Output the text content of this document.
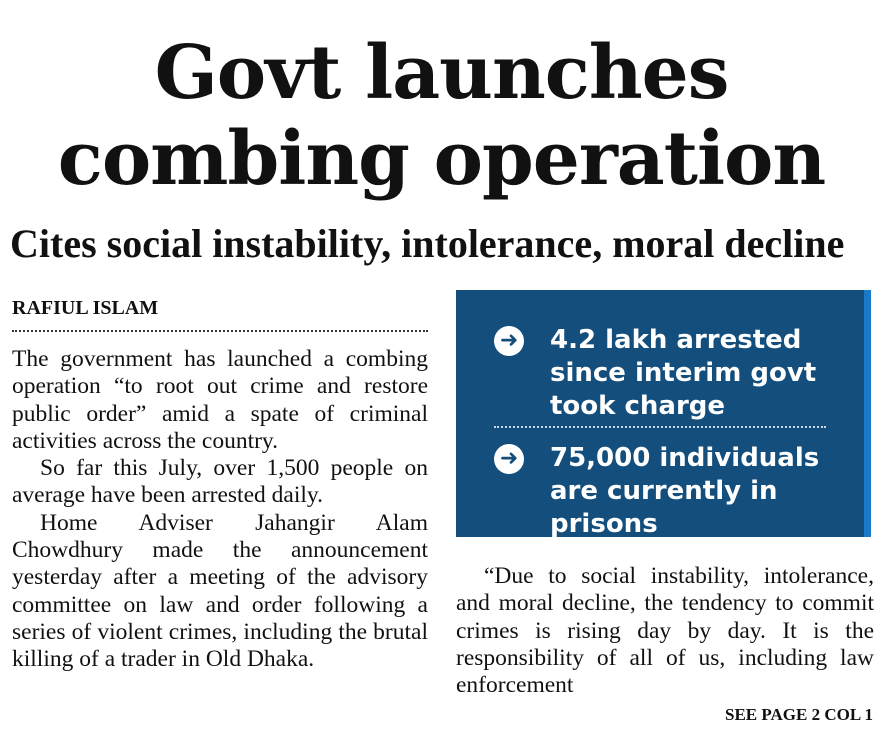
Govt launches
combing operation
Cites social instability, intolerance, moral decline
RAFIUL ISLAM

The government has launched a combing operation “to root out crime and restore public order” amid a spate of criminal activities across the country.

So far this July, over 1,500 people on average have been arrested daily.

Home Adviser Jahangir Alam Chowdhury made the announcement yesterday after a meeting of the advisory committee on law and order following a series of violent crimes, including the brutal killing of a trader in Old Dhaka.

➜ 4.2 lakh arrested since interim govt took charge
➜ 75,000 individuals are currently in prisons
“Due to social instability, intolerance, and moral decline, the tendency to commit crimes is rising day by day. It is the responsibility of all of us, including law enforcement
SEE PAGE 2 COL 1
